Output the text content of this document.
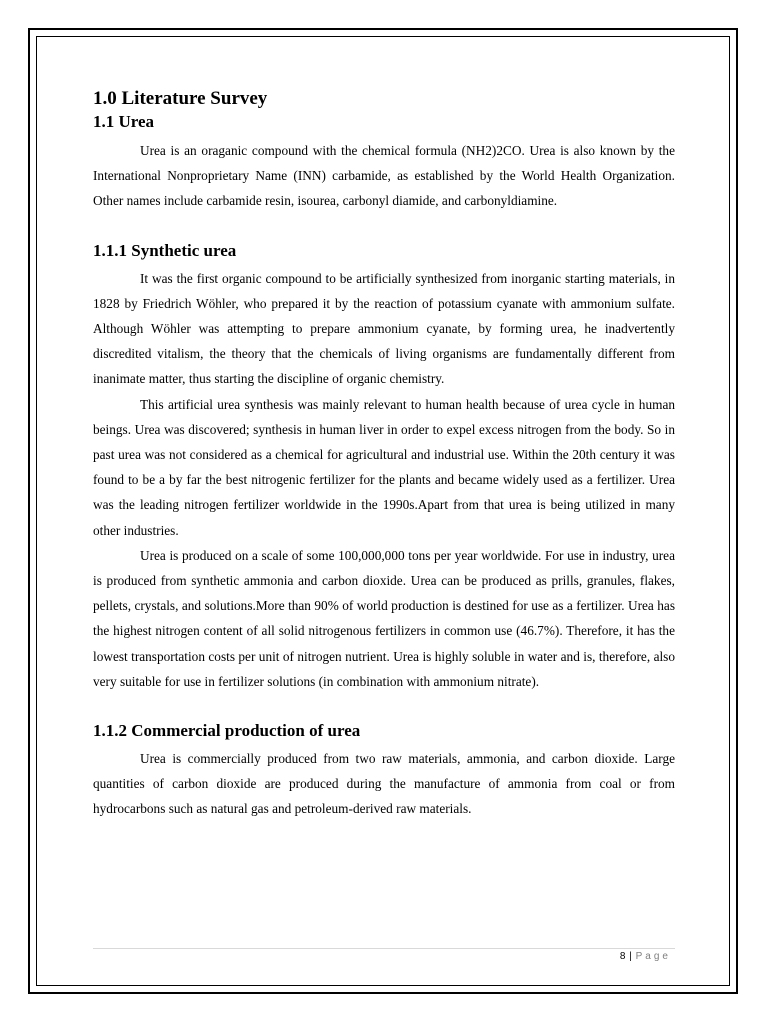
1.0 Literature Survey
1.1 Urea

Urea is an oraganic compound with the chemical formula (NH2)2CO. Urea is also known by the International Nonproprietary Name (INN) carbamide, as established by the World Health Organization. Other names include carbamide resin, isourea, carbonyl diamide, and carbonyldiamine.

1.1.1 Synthetic urea

It was the first organic compound to be artificially synthesized from inorganic starting materials, in 1828 by Friedrich Wöhler, who prepared it by the reaction of potassium cyanate with ammonium sulfate. Although Wöhler was attempting to prepare ammonium cyanate, by forming urea, he inadvertently discredited vitalism, the theory that the chemicals of living organisms are fundamentally different from inanimate matter, thus starting the discipline of organic chemistry.

This artificial urea synthesis was mainly relevant to human health because of urea cycle in human beings. Urea was discovered; synthesis in human liver in order to expel excess nitrogen from the body. So in past urea was not considered as a chemical for agricultural and industrial use. Within the 20th century it was found to be a by far the best nitrogenic fertilizer for the plants and became widely used as a fertilizer. Urea was the leading nitrogen fertilizer worldwide in the 1990s.Apart from that urea is being utilized in many other industries.

Urea is produced on a scale of some 100,000,000 tons per year worldwide. For use in industry, urea is produced from synthetic ammonia and carbon dioxide. Urea can be produced as prills, granules, flakes, pellets, crystals, and solutions.More than 90% of world production is destined for use as a fertilizer. Urea has the highest nitrogen content of all solid nitrogenous fertilizers in common use (46.7%). Therefore, it has the lowest transportation costs per unit of nitrogen nutrient. Urea is highly soluble in water and is, therefore, also very suitable for use in fertilizer solutions (in combination with ammonium nitrate).

1.1.2 Commercial production of urea

Urea is commercially produced from two raw materials, ammonia, and carbon dioxide. Large quantities of carbon dioxide are produced during the manufacture of ammonia from coal or from hydrocarbons such as natural gas and petroleum-derived raw materials.

8 | Page
